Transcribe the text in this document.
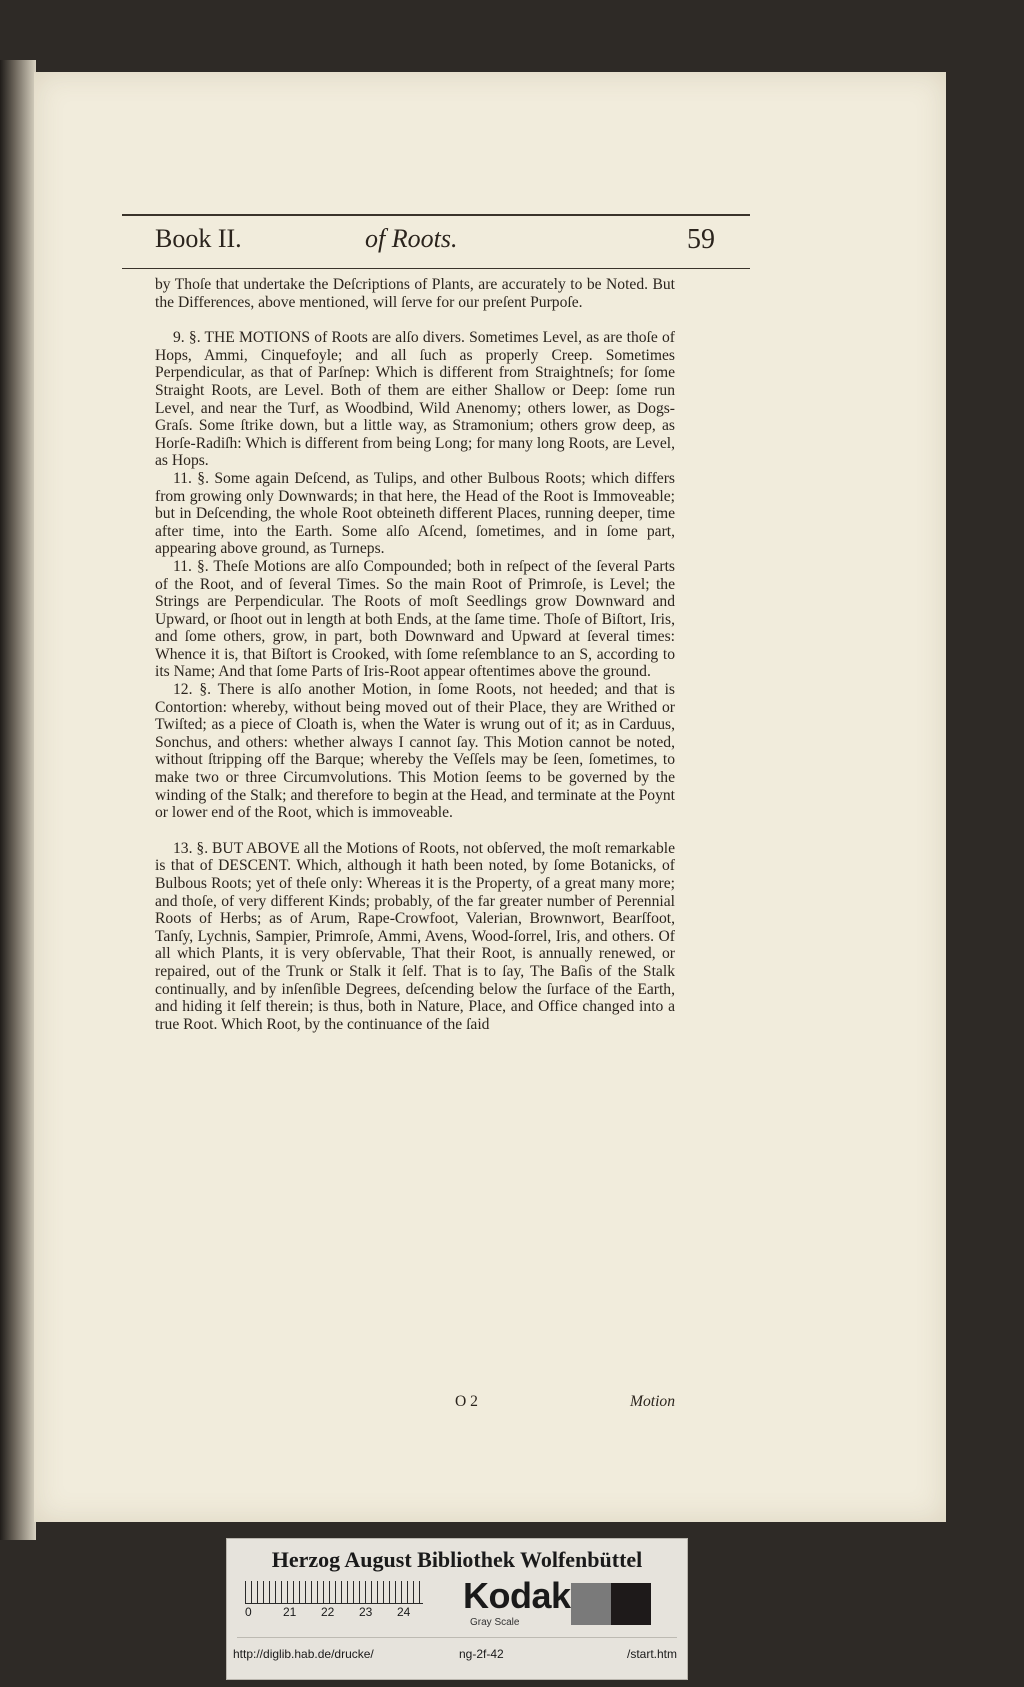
Book II.	of Roots.	59

by Thoſe that undertake the Deſcriptions of Plants, are accurately to be Noted. But the Differences, above mentioned, will ſerve for our preſent Purpoſe.

9. §. THE MOTIONS of Roots are alſo divers. Sometimes Level, as are thoſe of Hops, Ammi, Cinquefoyle; and all ſuch as properly Creep. Sometimes Perpendicular, as that of Parſnep: Which is different from Straightneſs; for ſome Straight Roots, are Level. Both of them are either Shallow or Deep: ſome run Level, and near the Turf, as Woodbind, Wild Anenomy; others lower, as Dogs-Graſs. Some ſtrike down, but a little way, as Stramonium; others grow deep, as Horſe-Radiſh: Which is different from being Long; for many long Roots, are Level, as Hops.

11. §. Some again Deſcend, as Tulips, and other Bulbous Roots; which differs from growing only Downwards; in that here, the Head of the Root is Immoveable; but in Deſcending, the whole Root obteineth different Places, running deeper, time after time, into the Earth. Some alſo Aſcend, ſometimes, and in ſome part, appearing above ground, as Turneps.

11. §. Theſe Motions are alſo Compounded; both in reſpect of the ſeveral Parts of the Root, and of ſeveral Times. So the main Root of Primroſe, is Level; the Strings are Perpendicular. The Roots of moſt Seedlings grow Downward and Upward, or ſhoot out in length at both Ends, at the ſame time. Thoſe of Biſtort, Iris, and ſome others, grow, in part, both Downward and Upward at ſeveral times: Whence it is, that Biſtort is Crooked, with ſome reſemblance to an S, according to its Name; And that ſome Parts of Iris-Root appear oftentimes above the ground.

12. §. There is alſo another Motion, in ſome Roots, not heeded; and that is Contortion: whereby, without being moved out of their Place, they are Writhed or Twiſted; as a piece of Cloath is, when the Water is wrung out of it; as in Carduus, Sonchus, and others: whether always I cannot ſay. This Motion cannot be noted, without ſtripping off the Barque; whereby the Veſſels may be ſeen, ſometimes, to make two or three Circumvolutions. This Motion ſeems to be governed by the winding of the Stalk; and therefore to begin at the Head, and terminate at the Poynt or lower end of the Root, which is immoveable.

13. §. BUT ABOVE all the Motions of Roots, not obſerved, the moſt remarkable is that of DESCENT. Which, although it hath been noted, by ſome Botanicks, of Bulbous Roots; yet of theſe only: Whereas it is the Property, of a great many more; and thoſe, of very different Kinds; probably, of the far greater number of Perennial Roots of Herbs; as of Arum, Rape-Crowfoot, Valerian, Brownwort, Bearſfoot, Tanſy, Lychnis, Sampier, Primroſe, Ammi, Avens, Wood-ſorrel, Iris, and others. Of all which Plants, it is very obſervable, That their Root, is annually renewed, or repaired, out of the Trunk or Stalk it ſelf. That is to ſay, The Baſis of the Stalk continually, and by inſenſible Degrees, deſcending below the ſurface of the Earth, and hiding it ſelf therein; is thus, both in Nature, Place, and Office changed into a true Root. Which Root, by the continuance of the ſaid

O 2	Motion
Herzog August Bibliothek Wolfenbüttel
0	21 22 23 24 Kodak
Gray Scale
http://diglib.hab.de/drucke/	ng-2f-42	/start.htm
